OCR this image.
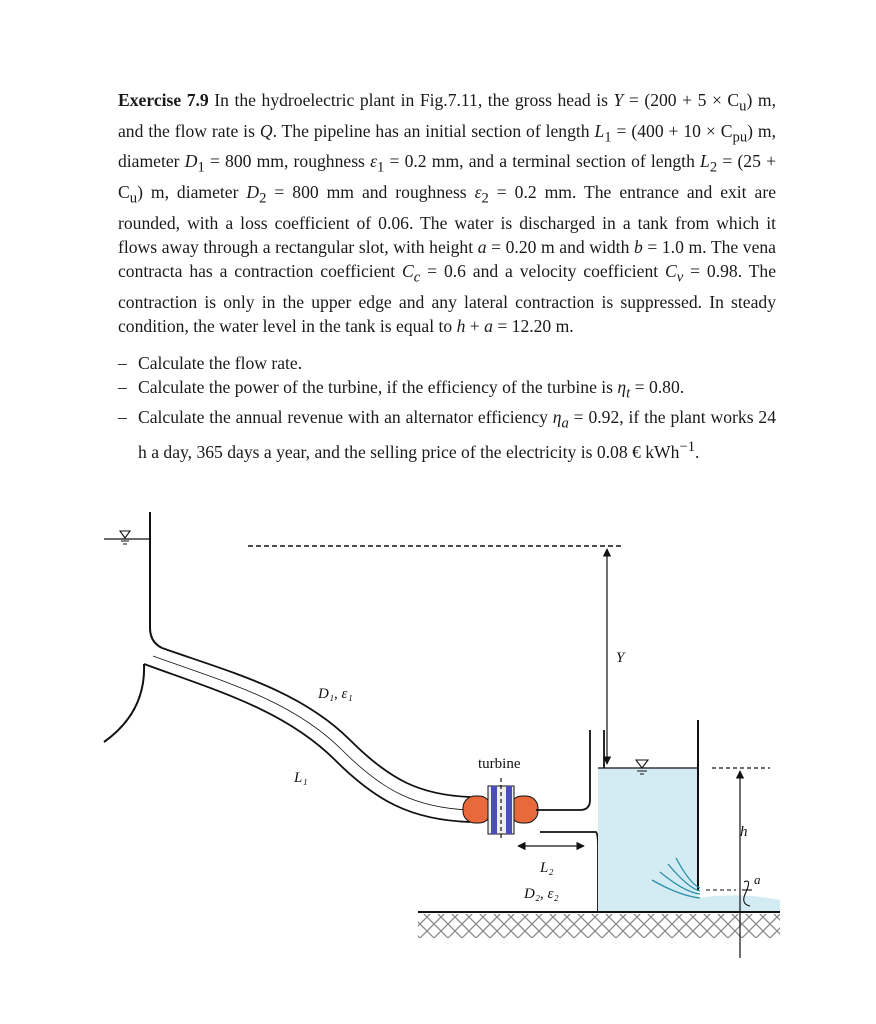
Exercise 7.9 In the hydroelectric plant in Fig.7.11, the gross head is $Y = (200 + 5 \times C_u)$ m, and the flow rate is Q. The pipeline has an initial section of length $L_1 = (400 + 10 \times C_{pu})$ m, diameter $D_1 = 800$ mm, roughness $\varepsilon_1 = 0.2$ mm, and a terminal section of length $L_2 = (25 + C_u)$ m, diameter $D_2 = 800$ mm and roughness $\varepsilon_2 = 0.2$ mm. The entrance and exit are rounded, with a loss coefficient of 0.06. The water is discharged in a tank from which it flows away through a rectangular slot, with height a = 0.20 m and width b = 1.0 m. The vena contracta has a contraction coefficient $C_c = 0.6$ and a velocity coefficient $C_v = 0.98$. The contraction is only in the upper edge and any lateral contraction is suppressed. In steady condition, the water level in the tank is equal to h + a = 12.20 m.

– Calculate the flow rate.
– Calculate the power of the turbine, if the efficiency of the turbine is $\eta_t = 0.80$.
– Calculate the annual revenue with an alternator efficiency $\eta_a = 0.92$, if the plant works 24 h a day, 365 days a year, and the selling price of the electricity is 0.08 € kWh$^{-1}$.
Y
h
a
D₁, ε₁
L₁
turbine
L₂
D₂, ε₂
